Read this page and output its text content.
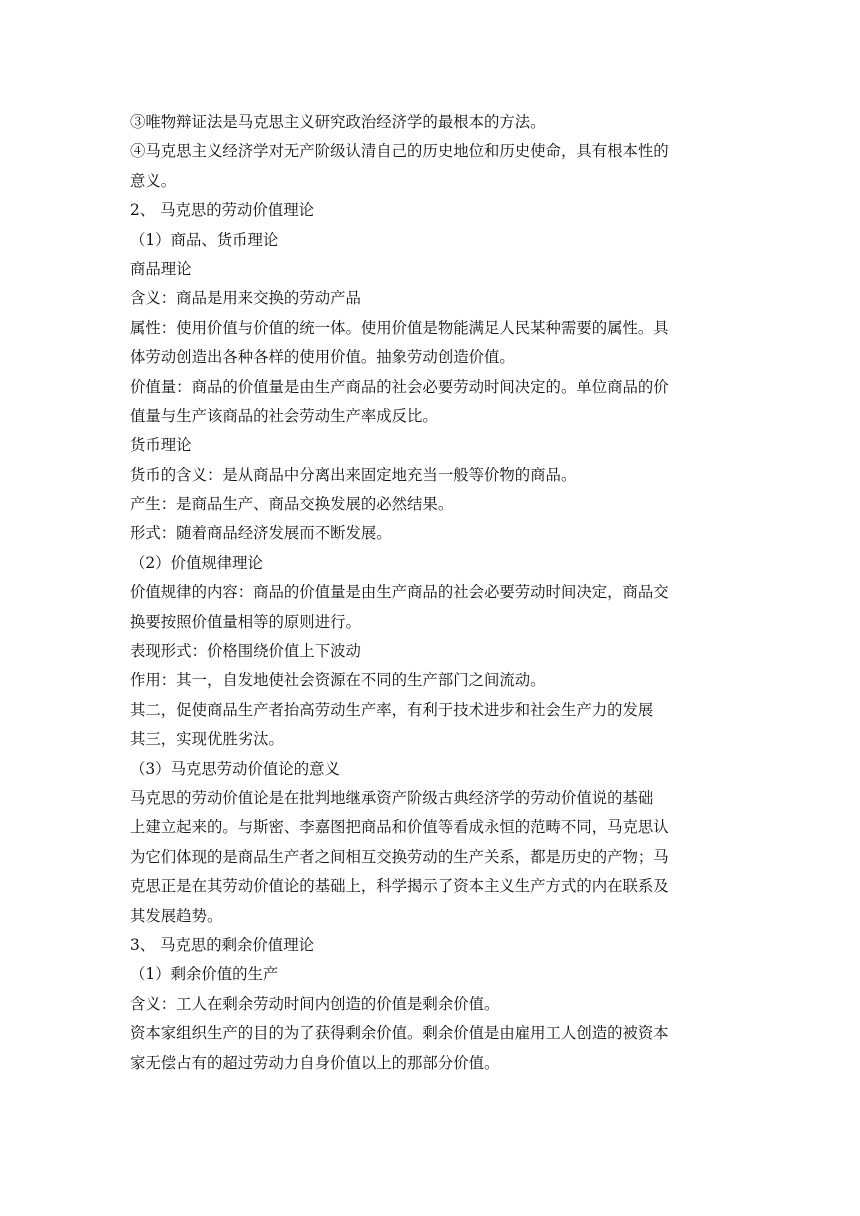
③唯物辩证法是马克思主义研究政治经济学的最根本的方法。
④马克思主义经济学对无产阶级认清自己的历史地位和历史使命，具有根本性的
意义。
2、 马克思的劳动价值理论
（1）商品、货币理论
商品理论
含义：商品是用来交换的劳动产品
属性：使用价值与价值的统一体。使用价值是物能满足人民某种需要的属性。具
体劳动创造出各种各样的使用价值。抽象劳动创造价值。
价值量：商品的价值量是由生产商品的社会必要劳动时间决定的。单位商品的价
值量与生产该商品的社会劳动生产率成反比。
货币理论
货币的含义：是从商品中分离出来固定地充当一般等价物的商品。
产生：是商品生产、商品交换发展的必然结果。
形式：随着商品经济发展而不断发展。
（2）价值规律理论
价值规律的内容：商品的价值量是由生产商品的社会必要劳动时间决定，商品交
换要按照价值量相等的原则进行。
表现形式：价格围绕价值上下波动
作用：其一，自发地使社会资源在不同的生产部门之间流动。
其二，促使商品生产者抬高劳动生产率，有利于技术进步和社会生产力的发展
其三，实现优胜劣汰。
（3）马克思劳动价值论的意义
马克思的劳动价值论是在批判地继承资产阶级古典经济学的劳动价值说的基础
上建立起来的。与斯密、李嘉图把商品和价值等看成永恒的范畴不同，马克思认
为它们体现的是商品生产者之间相互交换劳动的生产关系，都是历史的产物；马
克思正是在其劳动价值论的基础上，科学揭示了资本主义生产方式的内在联系及
其发展趋势。
3、 马克思的剩余价值理论
（1）剩余价值的生产
含义：工人在剩余劳动时间内创造的价值是剩余价值。
资本家组织生产的目的为了获得剩余价值。剩余价值是由雇用工人创造的被资本
家无偿占有的超过劳动力自身价值以上的那部分价值。
